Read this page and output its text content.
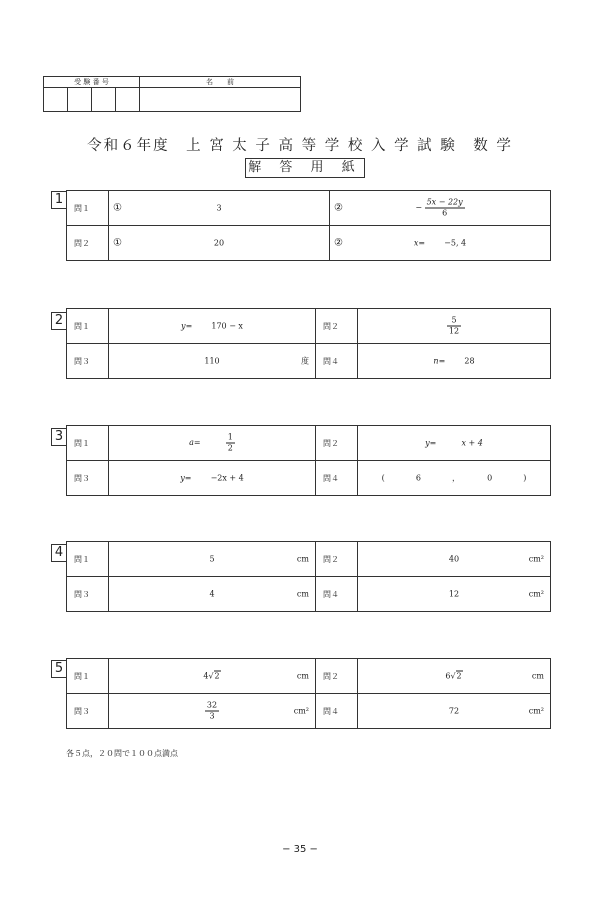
受 験 番 号				名　　前

令和６年度　上 宮 太 子 高 等 学 校 入 学 試 験　数 学
解 答 用 紙
1
問１	① 3	② − $\frac{5x - 22y}{6}$

問２	① 20	② x= −5, 4
2	問１	y= 170 − x	問２	$\frac{5}{12}$

問３	110 度	問４	n= 28
3	問１	$a= \frac{1}{2}$	問２	y= x + 4

問３	y= −2x + 4	問４	( 6 ， 0 )
4	問１	5 cm	問２	40 cm²

問３	4 cm	問４	12 cm²
5	問１	4√2 cm	問２	6√2 cm

問３	$\frac{32}{3} cm^2$	問４	72 cm²
各５点，２０問で１００点満点
− 35 −
